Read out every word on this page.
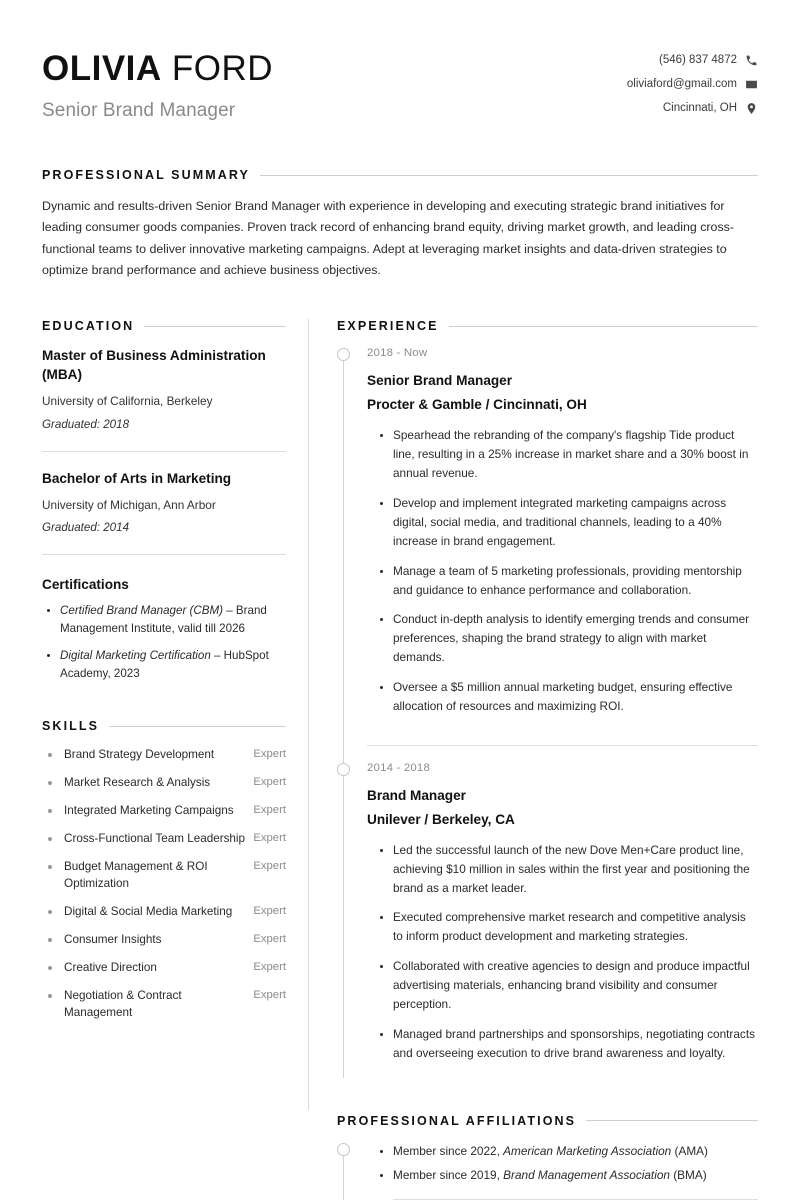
OLIVIA FORD
Senior Brand Manager
(546) 837 4872
oliviaford@gmail.com
Cincinnati, OH
PROFESSIONAL SUMMARY
Dynamic and results-driven Senior Brand Manager with experience in developing and executing strategic brand initiatives for leading consumer goods companies. Proven track record of enhancing brand equity, driving market growth, and leading cross-functional teams to deliver innovative marketing campaigns. Adept at leveraging market insights and data-driven strategies to optimize brand performance and achieve business objectives.
EDUCATION
Master of Business Administration (MBA)
University of California, Berkeley
Graduated: 2018
Bachelor of Arts in Marketing
University of Michigan, Ann Arbor
Graduated: 2014
Certifications
Certified Brand Manager (CBM) – Brand Management Institute, valid till 2026
Digital Marketing Certification – HubSpot Academy, 2023
SKILLS
Brand Strategy Development	Expert
Market Research & Analysis	Expert
Integrated Marketing Campaigns	Expert
Cross-Functional Team Leadership Expert
Budget Management & ROI Optimization
Expert
Digital & Social Media Marketing	Expert
Consumer Insights	Expert
Creative Direction	Expert
Negotiation & Contract Management
Expert
EXPERIENCE
2018 - Now
Senior Brand Manager
Procter & Gamble / Cincinnati, OH
Spearhead the rebranding of the company's flagship Tide product line, resulting in a 25% increase in market share and a 30% boost in annual revenue.
Develop and implement integrated marketing campaigns across digital, social media, and traditional channels, leading to a 40% increase in brand engagement.
Manage a team of 5 marketing professionals, providing mentorship and guidance to enhance performance and collaboration.
Conduct in-depth analysis to identify emerging trends and consumer preferences, shaping the brand strategy to align with market demands.
Oversee a $5 million annual marketing budget, ensuring effective allocation of resources and maximizing ROI.
2014 - 2018
Brand Manager
Unilever / Berkeley, CA
Led the successful launch of the new Dove Men+Care product line, achieving $10 million in sales within the first year and positioning the brand as a market leader.
Executed comprehensive market research and competitive analysis to inform product development and marketing strategies.
Collaborated with creative agencies to design and produce impactful advertising materials, enhancing brand visibility and consumer perception.
Managed brand partnerships and sponsorships, negotiating contracts and overseeing execution to drive brand awareness and loyalty.
PROFESSIONAL AFFILIATIONS
Member since 2022, American Marketing Association (AMA)
Member since 2019, Brand Management Association (BMA)
